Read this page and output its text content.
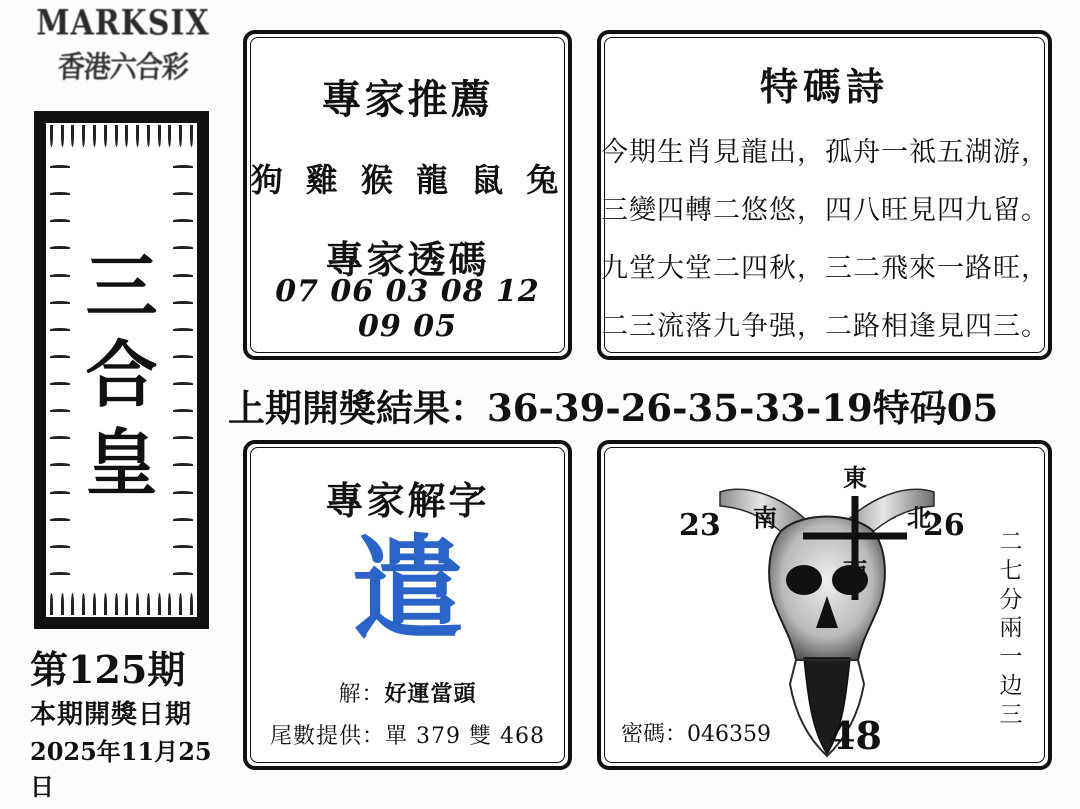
MARKSIX
香港六合彩
三
合
皇
第125期
本期開獎日期
2025年11月25日
專家推薦
狗 雞 猴 龍 鼠 兔
專家透碼
07 06 03 08 12 09 05
特碼詩
今期生肖見龍出，孤舟一祗五湖游，
三變四轉二悠悠，四八旺見四九留。
九堂大堂二四秋，三二飛來一路旺，
二三流落九争强，二路相逢見四三。
上期開獎結果：36-39-26-35-33-19特码05
專家解字
遣
解：好運當頭
尾數提供：單 379 雙 468
東
南	北
西
23	26 二
七
分
兩
一
边
三
密碼：046359 48
